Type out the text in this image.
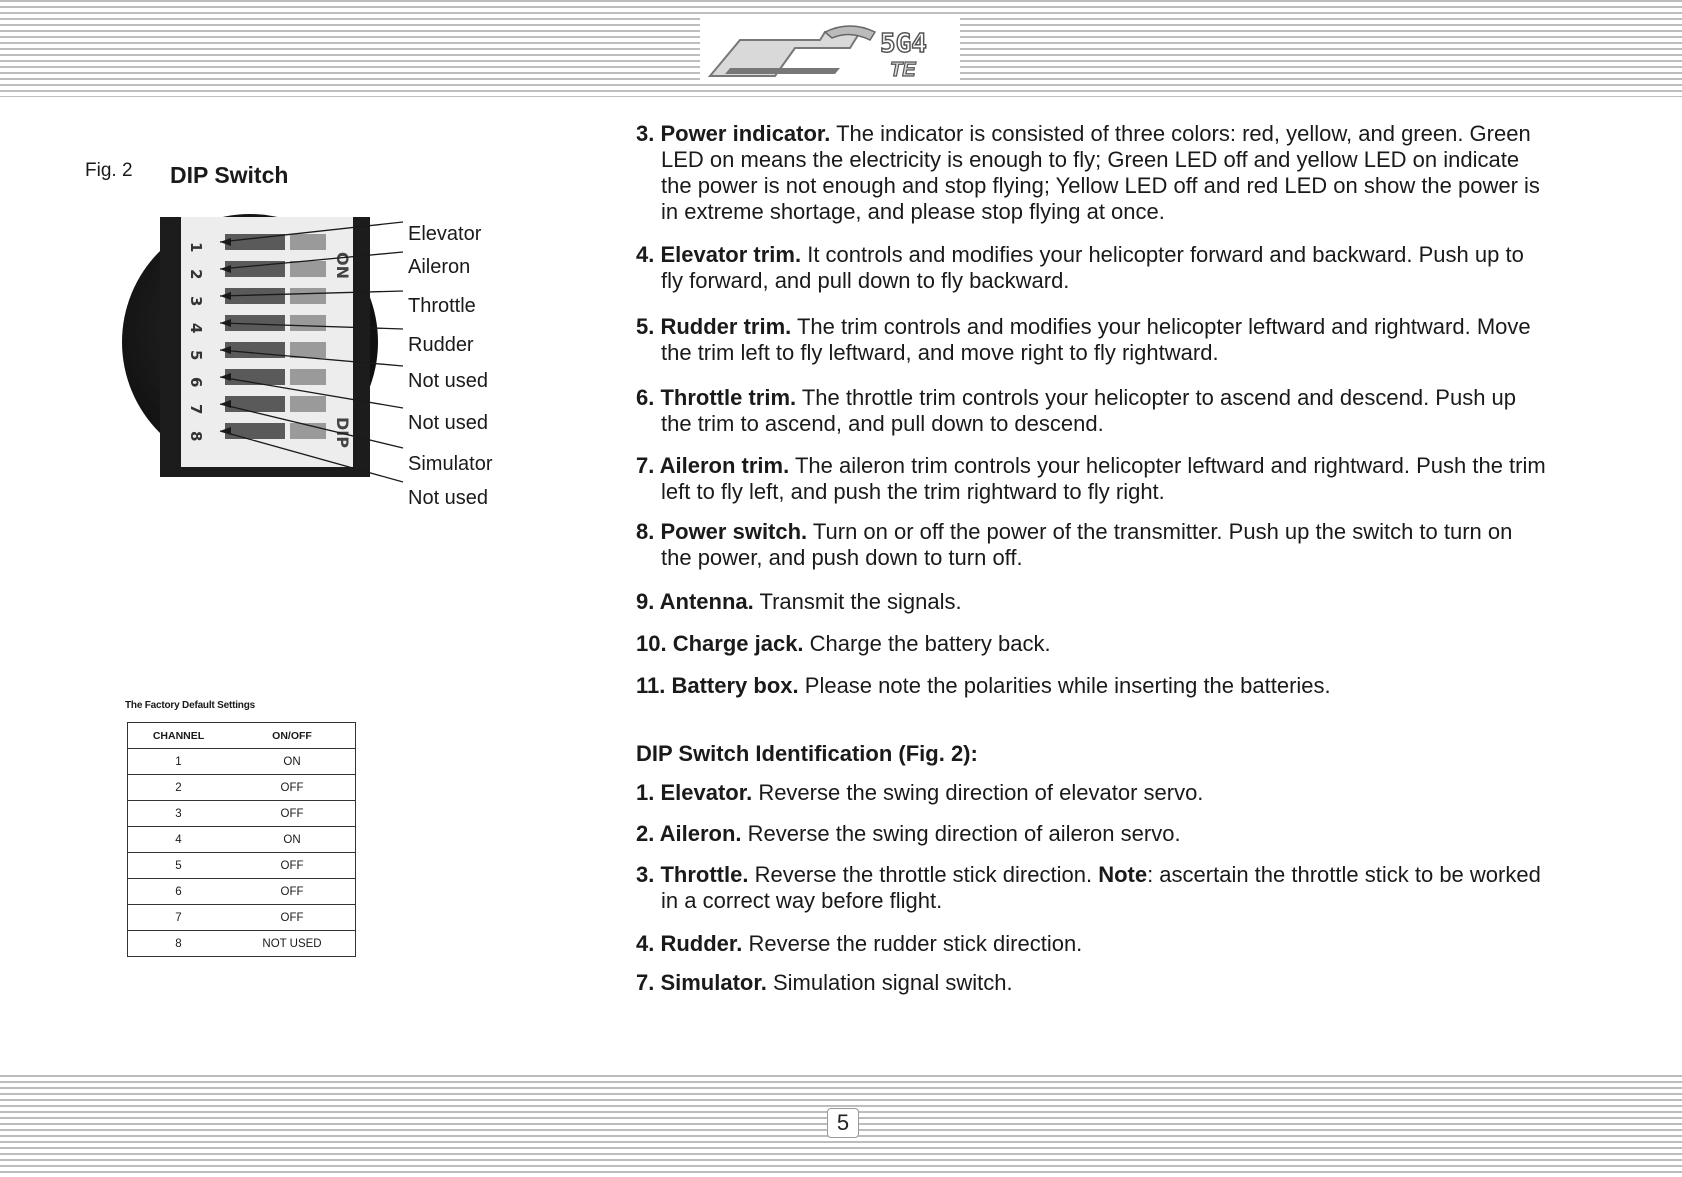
5G4
TE
Fig. 2 DIP Switch
1
2
3
4
5
6
7
8
ON
DIP
Elevator
Aileron
Throttle
Rudder
Not used
Not used
Simulator
Not used
The Factory Default Settings
CHANNEL	ON/OFF
1	ON
2	OFF
3	OFF
4	ON
5	OFF
6	OFF
7	OFF
8	NOT USED
3. Power indicator. The indicator is consisted of three colors: red, yellow, and green. Green
LED on means the electricity is enough to fly; Green LED off and yellow LED on indicate
the power is not enough and stop flying; Yellow LED off and red LED on show the power is
in extreme shortage, and please stop flying at once.
4. Elevator trim. It controls and modifies your helicopter forward and backward. Push up to
fly forward, and pull down to fly backward.
5. Rudder trim. The trim controls and modifies your helicopter leftward and rightward. Move
the trim left to fly leftward, and move right to fly rightward.
6. Throttle trim. The throttle trim controls your helicopter to ascend and descend. Push up
the trim to ascend, and pull down to descend.
7. Aileron trim. The aileron trim controls your helicopter leftward and rightward. Push the trim
left to fly left, and push the trim rightward to fly right.
8. Power switch. Turn on or off the power of the transmitter. Push up the switch to turn on
the power, and push down to turn off.
9. Antenna. Transmit the signals.
10. Charge jack. Charge the battery back.
11. Battery box. Please note the polarities while inserting the batteries.
DIP Switch Identification (Fig. 2):
1. Elevator. Reverse the swing direction of elevator servo.
2. Aileron. Reverse the swing direction of aileron servo.
3. Throttle. Reverse the throttle stick direction. Note: ascertain the throttle stick to be worked
in a correct way before flight.
4. Rudder. Reverse the rudder stick direction.
7. Simulator. Simulation signal switch.
5
